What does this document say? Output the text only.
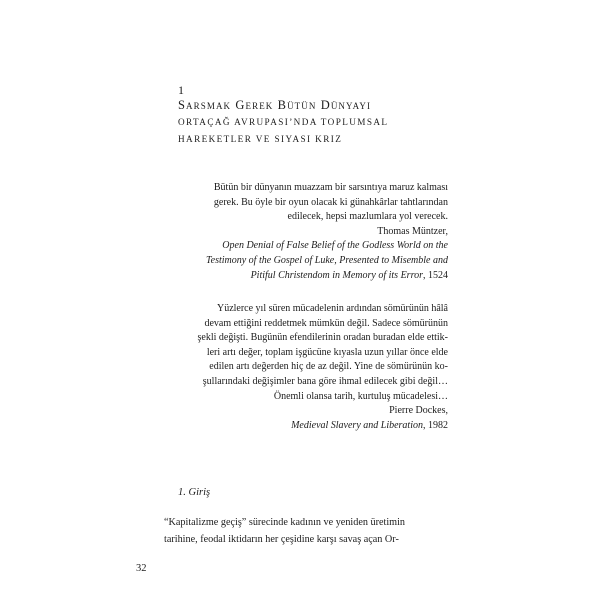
1
Sarsmak Gerek Bütün Dünyayı
ORTAÇAĞ AVRUPASI’NDA TOPLUMSAL
HAREKETLER VE SIYASI KRIZ
Bütün bir dünyanın muazzam bir sarsıntıya maruz kalması
gerek. Bu öyle bir oyun olacak ki günahkârlar tahtlarından
edilecek, hepsi mazlumlara yol verecek.
Thomas Müntzer,
Open Denial of False Belief of the Godless World on the
Testimony of the Gospel of Luke, Presented to Misemble and
Pitiful Christendom in Memory of its Error, 1524
Yüzlerce yıl süren mücadelenin ardından sömürünün hâlâ
devam ettiğini reddetmek mümkün değil. Sadece sömürünün
şekli değişti. Bugünün efendilerinin oradan buradan elde ettik-
leri artı değer, toplam işgücüne kıyasla uzun yıllar önce elde
edilen artı değerden hiç de az değil. Yine de sömürünün ko-
şullarındaki değişimler bana göre ihmal edilecek gibi değil…
Önemli olansa tarih, kurtuluş mücadelesi…
Pierre Dockes,
Medieval Slavery and Liberation, 1982
1. Giriş
“Kapitalizme geçiş” sürecinde kadının ve yeniden üretimin
tarihine, feodal iktidarın her çeşidine karşı savaş açan Or-
32
